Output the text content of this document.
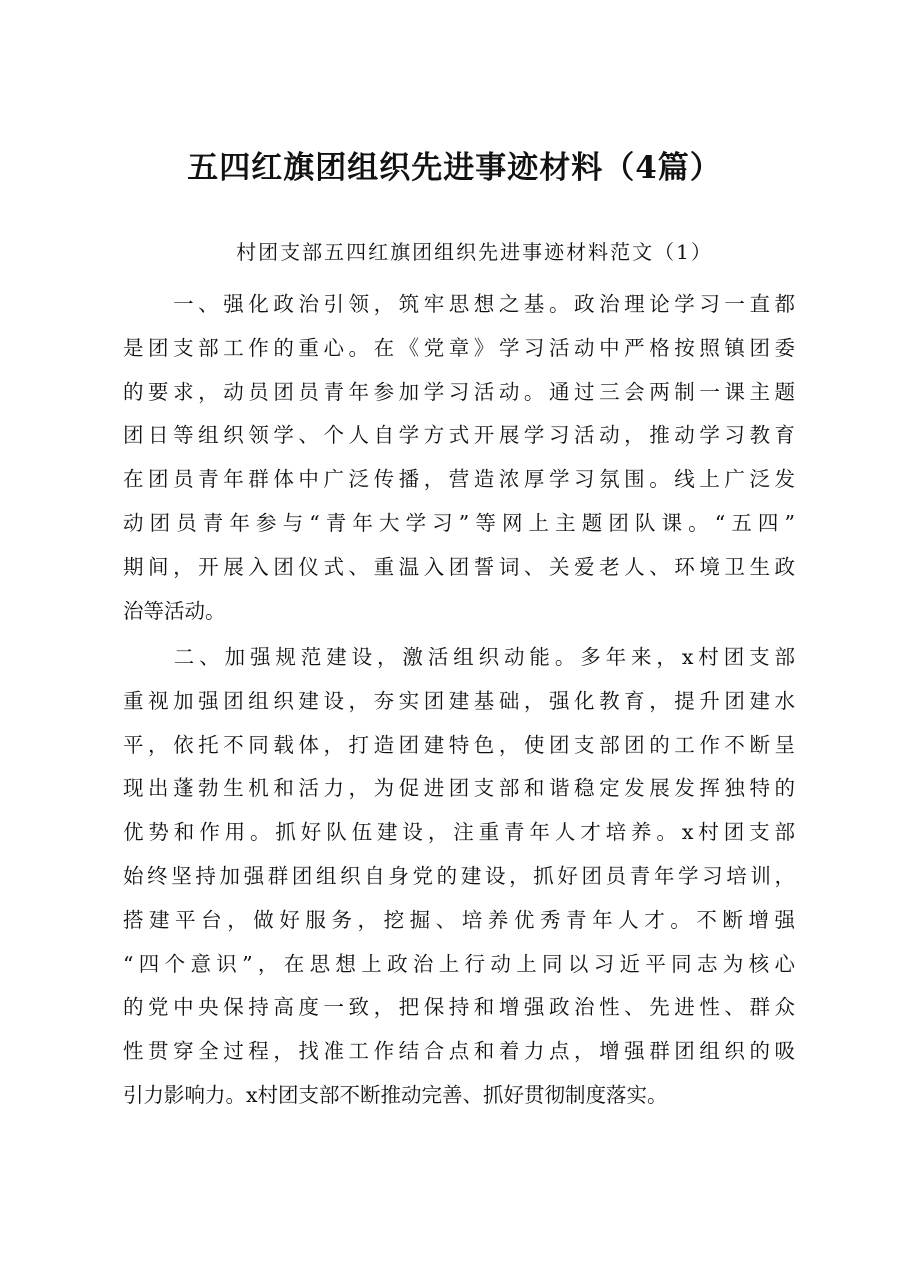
五四红旗团组织先进事迹材料（4篇）

村团支部五四红旗团组织先进事迹材料范文（1）

　　一、强化政治引领，筑牢思想之基。政治理论学习一直都
是团支部工作的重心。在《党章》学习活动中严格按照镇团委
的要求，动员团员青年参加学习活动。通过三会两制一课主题
团日等组织领学、个人自学方式开展学习活动，推动学习教育
在团员青年群体中广泛传播，营造浓厚学习氛围。线上广泛发
动团员青年参与“青年大学习”等网上主题团队课。“五四”
期间，开展入团仪式、重温入团誓词、关爱老人、环境卫生政
治等活动。
　　二、加强规范建设，激活组织动能。多年来，x村团支部
重视加强团组织建设，夯实团建基础，强化教育，提升团建水
平，依托不同载体，打造团建特色，使团支部团的工作不断呈
现出蓬勃生机和活力，为促进团支部和谐稳定发展发挥独特的
优势和作用。抓好队伍建设，注重青年人才培养。x村团支部
始终坚持加强群团组织自身党的建设，抓好团员青年学习培训，
搭建平台，做好服务，挖掘、培养优秀青年人才。不断增强
“四个意识”，在思想上政治上行动上同以习近平同志为核心
的党中央保持高度一致，把保持和增强政治性、先进性、群众
性贯穿全过程，找准工作结合点和着力点，增强群团组织的吸
引力影响力。x村团支部不断推动完善、抓好贯彻制度落实。
